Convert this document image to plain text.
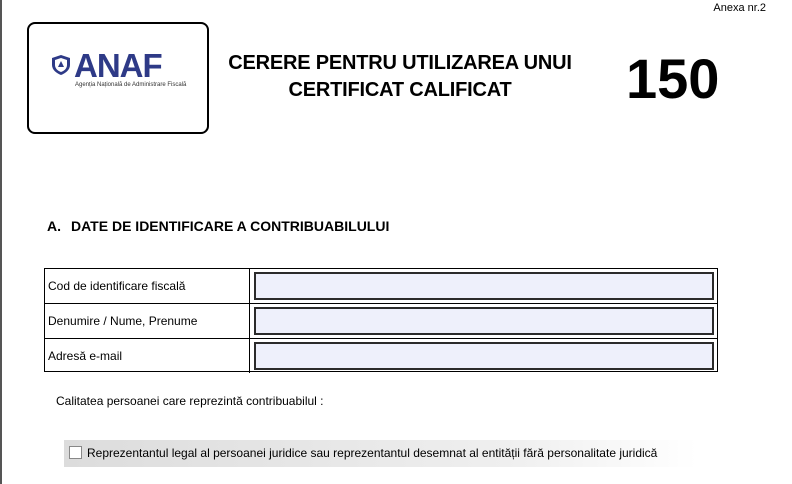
Anexa nr.2
ANAF
Agenția Națională de Administrare Fiscală
CERERE PENTRU UTILIZAREA UNUI
CERTIFICAT CALIFICAT	150
A. DATE DE IDENTIFICARE A CONTRIBUABILULUI
Cod de identificare fiscală
Denumire / Nume, Prenume
Adresă e-mail
Calitatea persoanei care reprezintă contribuabilul :
Reprezentantul legal al persoanei juridice sau reprezentantul desemnat al entității fără personalitate juridică
